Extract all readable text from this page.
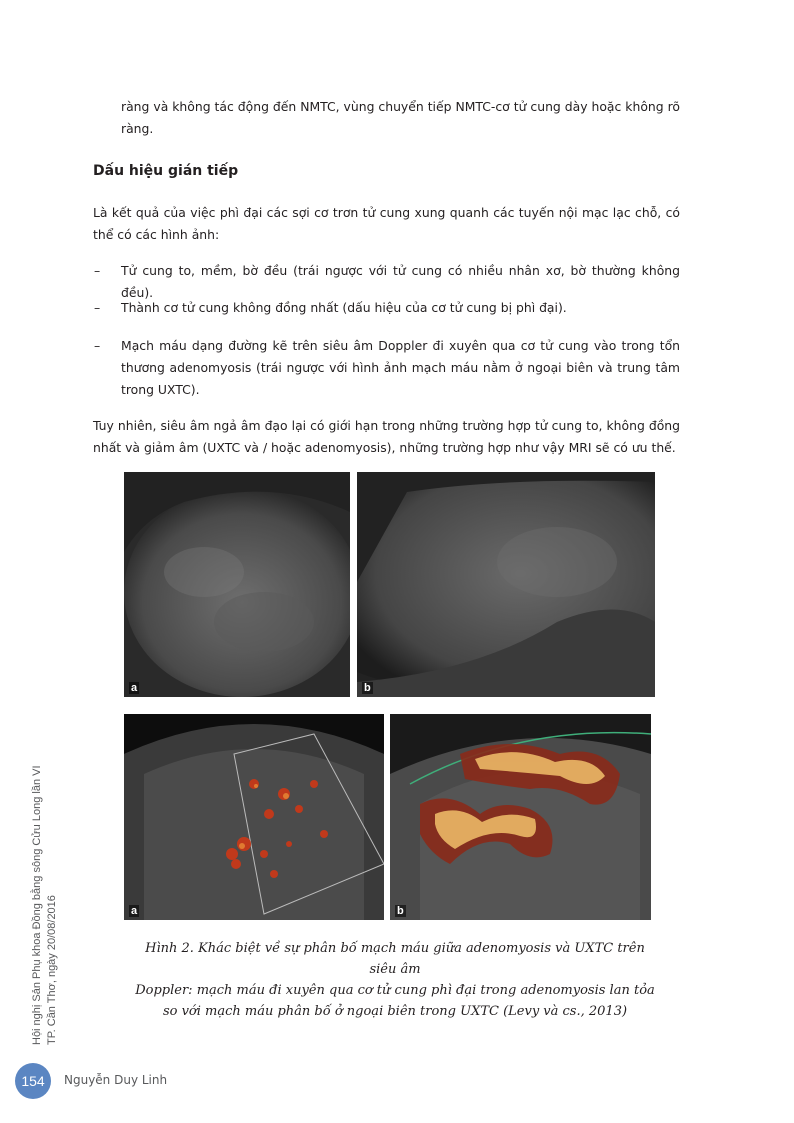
ràng và không tác động đến NMTC, vùng chuyển tiếp NMTC-cơ tử cung dày hoặc không rõ ràng.

Dấu hiệu gián tiếp

Là kết quả của việc phì đại các sợi cơ trơn tử cung xung quanh các tuyến nội mạc lạc chỗ, có thể có các hình ảnh:

–	Tử cung to, mềm, bờ đều (trái ngược với tử cung có nhiều nhân xơ, bờ thường không đều).
–	Thành cơ tử cung không đồng nhất (dấu hiệu của cơ tử cung bị phì đại).
–	Mạch máu dạng đường kẽ trên siêu âm Doppler đi xuyên qua cơ tử cung vào trong tổn thương adenomyosis (trái ngược với hình ảnh mạch máu nằm ở ngoại biên và trung tâm trong UXTC).

Tuy nhiên, siêu âm ngả âm đạo lại có giới hạn trong những trường hợp tử cung to, không đồng nhất và giảm âm (UXTC và / hoặc adenomyosis), những trường hợp như vậy MRI sẽ có ưu thế.

a	b
a	b
Hình 2. Khác biệt về sự phân bố mạch máu giữa adenomyosis và UXTC trên siêu âm
Doppler: mạch máu đi xuyên qua cơ tử cung phì đại trong adenomyosis lan tỏa
so với mạch máu phân bố ở ngoại biên trong UXTC (Levy và cs., 2013)
Hội nghị Sản Phụ khoa Đồng bằng sông Cửu Long lần VI TP. Cần Thơ, ngày 20/08/2016
154	Nguyễn Duy Linh
